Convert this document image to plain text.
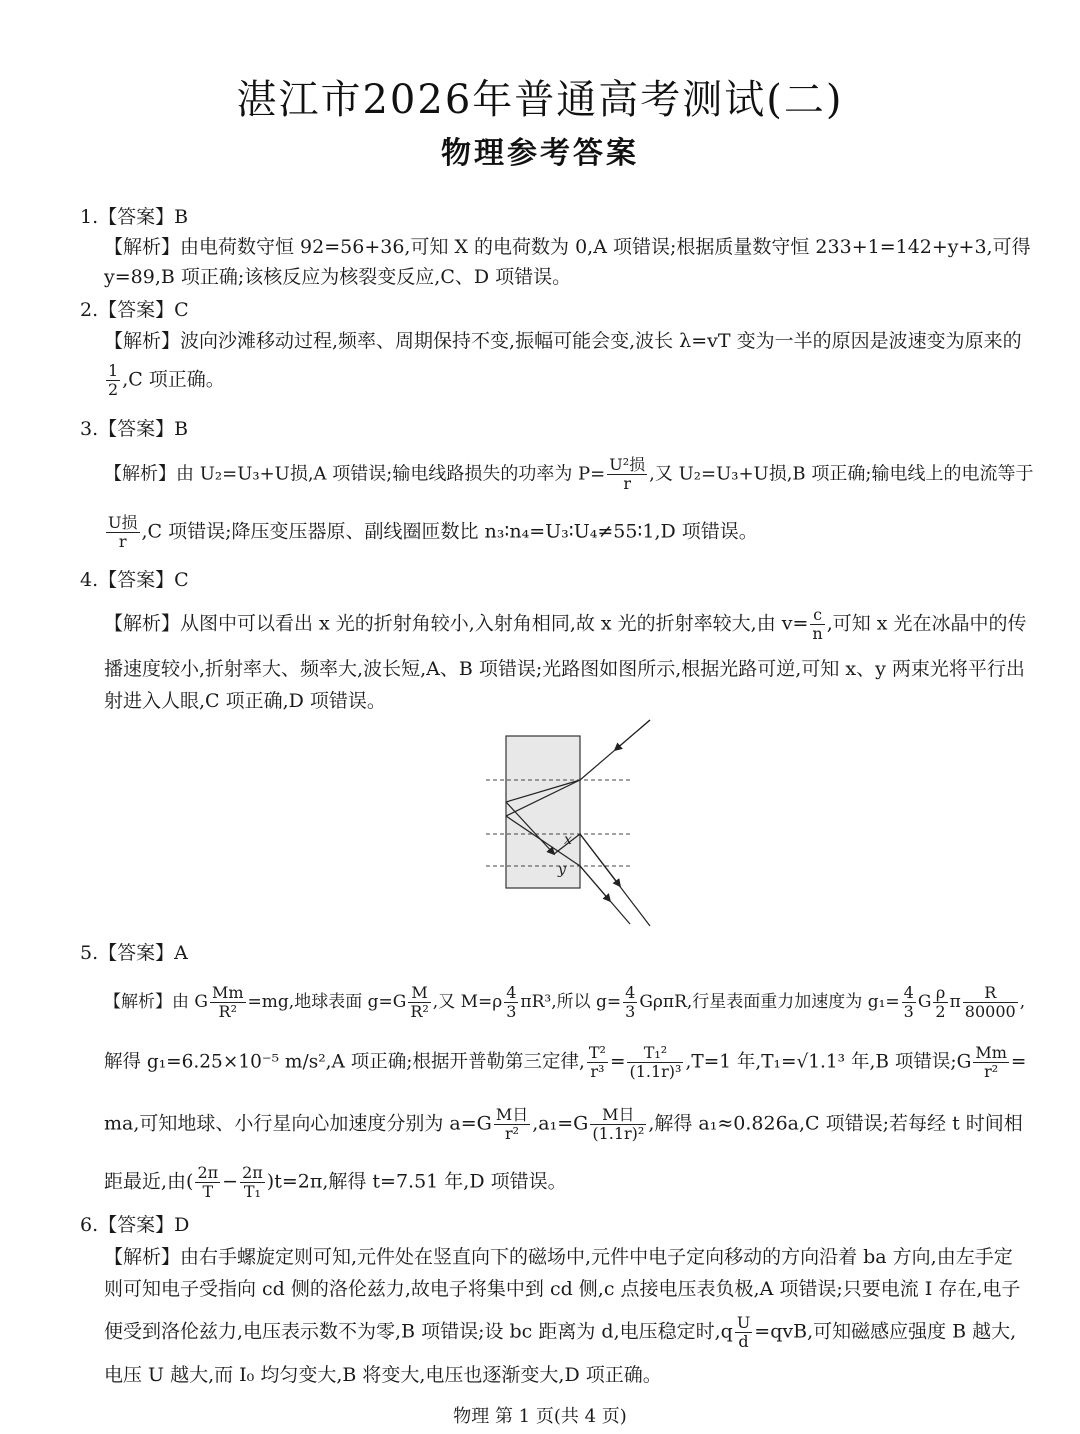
湛江市2026年普通高考测试(二)
物理参考答案
1.【答案】B
【解析】由电荷数守恒 92=56+36,可知 X 的电荷数为 0,A 项错误;根据质量数守恒 233+1=142+y+3,可得
y=89,B 项正确;该核反应为核裂变反应,C、D 项错误。
2.【答案】C
【解析】波向沙滩移动过程,频率、周期保持不变,振幅可能会变,波长 λ=vT 变为一半的原因是波速变为原来的
$\frac{1}{2} ,C$ 项正确。
3.【答案】B
【解析】由 U₂=U₃+U损,A 项错误;输电线路损失的功率为 $P= \frac{\text{U²损}}{r}$ ,又 U₂=U₃+U损,B 项正确;输电线上的电流等于
$\frac{\text{U损}}{r} ,C$ 项错误;降压变压器原、副线圈匝数比 n₃∶n₄=U₃∶U₄≠55∶1,D 项错误。
4.【答案】C
【解析】从图中可以看出 x 光的折射角较小,入射角相同,故 x 光的折射率较大,由 $v= \frac{c}{n}$ ,可知 x 光在冰晶中的传
播速度较小,折射率大、频率大,波长短,A、B 项错误;光路图如图所示,根据光路可逆,可知 x、y 两束光将平行出
射进入人眼,C 项正确,D 项错误。
x
y
5.【答案】A
【解析】由 G $\frac{Mm}{\text{R²}} =mg$,地球表面 $g=G \frac{M}{\text{R²}}$ ,又 $M=\rho \frac{4}{3} \pi R^3$,所以 $g= \frac{4}{3} G\rho\pi R$,行星表面重力加速度为 $g_1= \frac{4}{3}$ G $\frac{\rho}{2}$ π $\frac{R}{80000}$ ,
解得 g₁=6.25×10⁻⁵ m/s²,A 项正确;根据开普勒第三定律, $\frac{\text{T²}}{\text{r³}} = \frac{\text{T₁²}}{\text{(1.1r)³}} ,T=1$ 年,T₁=√1.1³ 年,B 项错误;G $\frac{Mm}{\text{r²}}$ =
ma,可知地球、小行星向心加速度分别为 $a=G \frac{\text{M日}}{\text{r²}} ,a_1=G \frac{\text{M日}}{\text{(1.1r)²}}$ ,解得 a₁≈0.826a,C 项错误;若每经 t 时间相
距最近,由( $\frac{2\pi}{T} - \frac{2\pi}{\text{T₁}} )t=2\pi$,解得 t=7.51 年,D 项错误。
6.【答案】D
【解析】由右手螺旋定则可知,元件处在竖直向下的磁场中,元件中电子定向移动的方向沿着 ba 方向,由左手定
则可知电子受指向 cd 侧的洛伦兹力,故电子将集中到 cd 侧,c 点接电压表负极,A 项错误;只要电流 I 存在,电子
便受到洛伦兹力,电压表示数不为零,B 项错误;设 bc 距离为 d,电压稳定时$,q \frac{U}{d} =qvB$,可知磁感应强度 B 越大,
电压 U 越大,而 I₀ 均匀变大,B 将变大,电压也逐渐变大,D 项正确。
物理 第 1 页(共 4 页)
